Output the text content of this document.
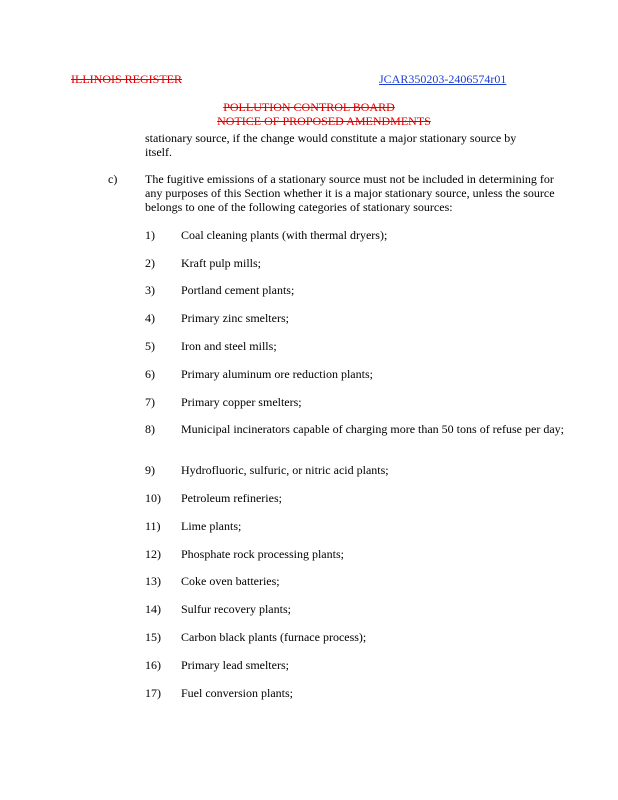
ILLINOIS REGISTER	JCAR350203-2406574r01
POLLUTION CONTROL BOARD
NOTICE OF PROPOSED AMENDMENTS
stationary source, if the change would constitute a major stationary source by itself.
c) The fugitive emissions of a stationary source must not be included in determining for any purposes of this Section whether it is a major stationary source, unless the source belongs to one of the following categories of stationary sources:
1) Coal cleaning plants (with thermal dryers);
2) Kraft pulp mills;
3) Portland cement plants;
4) Primary zinc smelters;
5) Iron and steel mills;
6) Primary aluminum ore reduction plants;
7) Primary copper smelters;
8) Municipal incinerators capable of charging more than 50 tons of refuse per day;
9) Hydrofluoric, sulfuric, or nitric acid plants;
10) Petroleum refineries;
11) Lime plants;
12) Phosphate rock processing plants;
13) Coke oven batteries;
14) Sulfur recovery plants;
15) Carbon black plants (furnace process);
16) Primary lead smelters;
17) Fuel conversion plants;
